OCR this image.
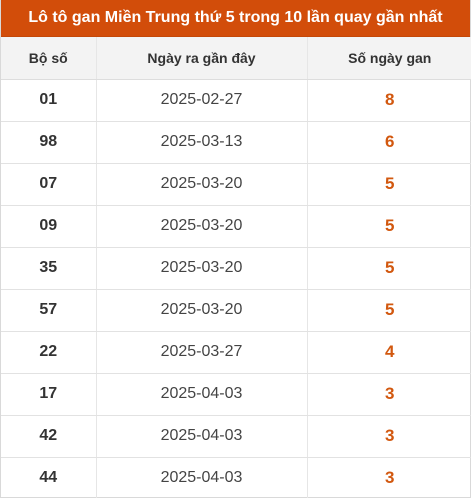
Lô tô gan Miền Trung thứ 5 trong 10 lần quay gần nhất
Bộ số	Ngày ra gần đây	Số ngày gan
01	2025-02-27	8
98	2025-03-13	6
07	2025-03-20	5
09	2025-03-20	5
35	2025-03-20	5
57	2025-03-20	5
22	2025-03-27	4
17	2025-04-03	3
42	2025-04-03	3
44	2025-04-03	3
